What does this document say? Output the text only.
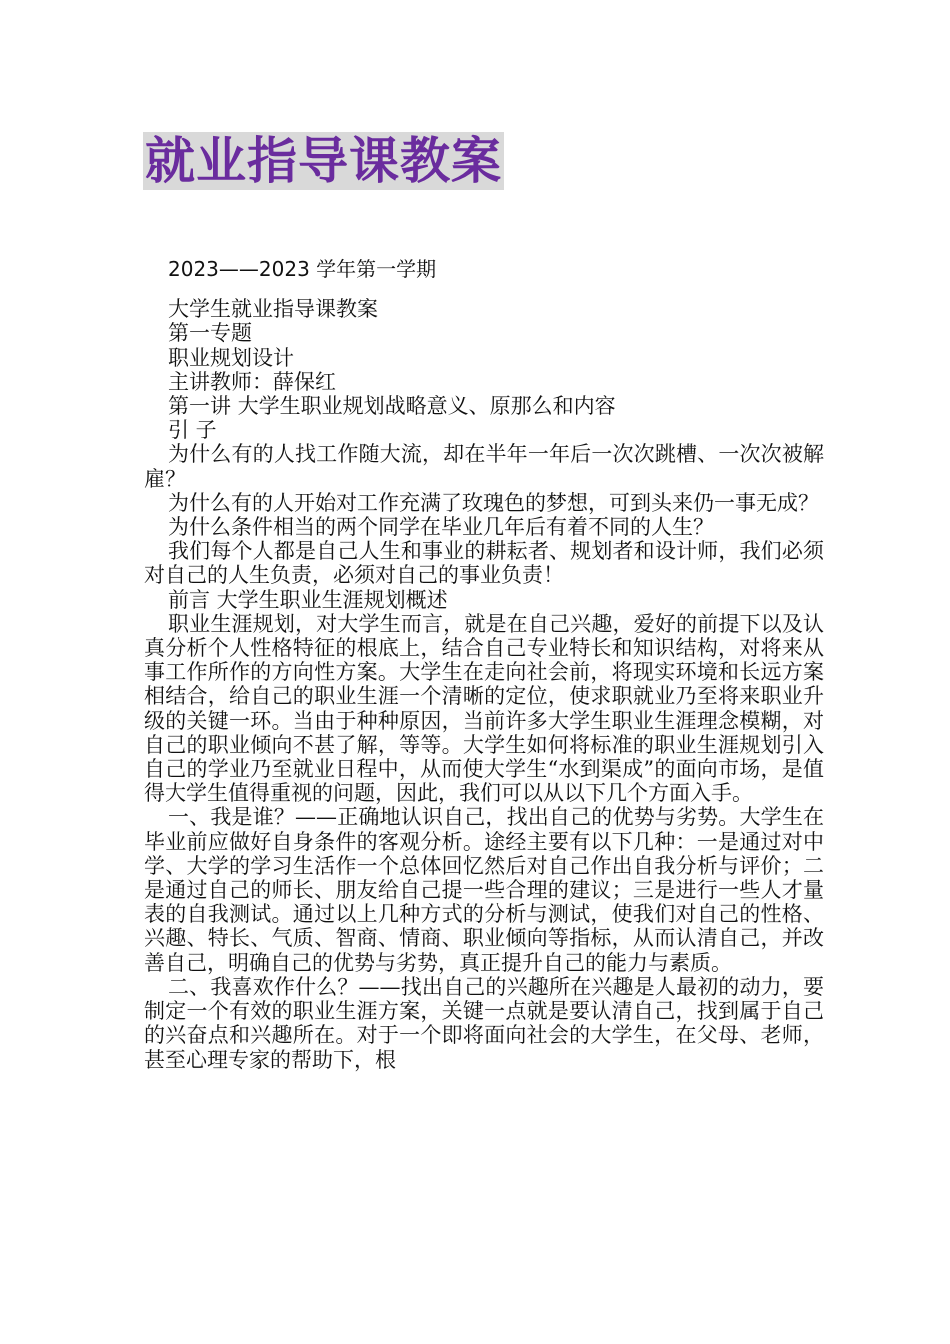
就业指导课教案
2023——2023 学年第一学期

大学生就业指导课教案

第一专题

职业规划设计

主讲教师：薛保红

第一讲 大学生职业规划战略意义、原那么和内容

引 子

为什么有的人找工作随大流，却在半年一年后一次次跳槽、一次次被解雇？

为什么有的人开始对工作充满了玫瑰色的梦想，可到头来仍一事无成？

为什么条件相当的两个同学在毕业几年后有着不同的人生？

我们每个人都是自己人生和事业的耕耘者、规划者和设计师，我们必须对自己的人生负责，必须对自己的事业负责！

前言 大学生职业生涯规划概述

职业生涯规划，对大学生而言，就是在自己兴趣，爱好的前提下以及认真分析个人性格特征的根底上，结合自己专业特长和知识结构，对将来从事工作所作的方向性方案。大学生在走向社会前，将现实环境和长远方案相结合，给自己的职业生涯一个清晰的定位，使求职就业乃至将来职业升级的关键一环。当由于种种原因，当前许多大学生职业生涯理念模糊，对自己的职业倾向不甚了解，等等。大学生如何将标准的职业生涯规划引入自己的学业乃至就业日程中，从而使大学生“水到渠成”的面向市场，是值得大学生值得重视的问题，因此，我们可以从以下几个方面入手。

一、我是谁？——正确地认识自己，找出自己的优势与劣势。大学生在毕业前应做好自身条件的客观分析。途经主要有以下几种：一是通过对中学、大学的学习生活作一个总体回忆然后对自己作出自我分析与评价；二是通过自己的师长、朋友给自己提一些合理的建议；三是进行一些人才量表的自我测试。通过以上几种方式的分析与测试，使我们对自己的性格、兴趣、特长、气质、智商、情商、职业倾向等指标，从而认清自己，并改善自己，明确自己的优势与劣势，真正提升自己的能力与素质。

二、我喜欢作什么？——找出自己的兴趣所在兴趣是人最初的动力，要制定一个有效的职业生涯方案，关键一点就是要认清自己，找到属于自己的兴奋点和兴趣所在。对于一个即将面向社会的大学生，在父母、老师，甚至心理专家的帮助下，根
